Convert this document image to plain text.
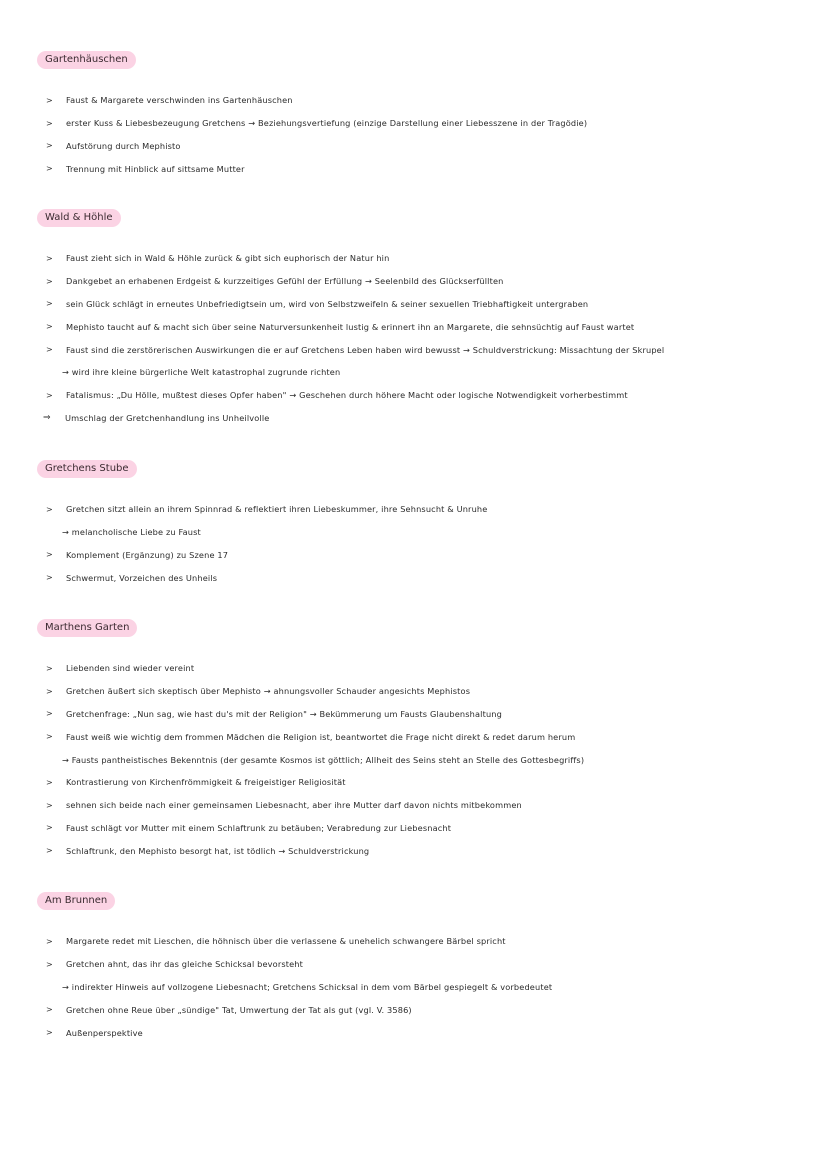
Gartenhäuschen
>	Faust & Margarete verschwinden ins Gartenhäuschen
>	erster Kuss & Liebesbezeugung Gretchens → Beziehungsvertiefung (einzige Darstellung einer Liebesszene in der Tragödie)
>	Aufstörung durch Mephisto
>	Trennung mit Hinblick auf sittsame Mutter
Wald & Höhle
>	Faust zieht sich in Wald & Höhle zurück & gibt sich euphorisch der Natur hin
>	Dankgebet an erhabenen Erdgeist & kurzzeitiges Gefühl der Erfüllung → Seelenbild des Glückserfüllten
>	sein Glück schlägt in erneutes Unbefriedigtsein um, wird von Selbstzweifeln & seiner sexuellen Triebhaftigkeit untergraben
>	Mephisto taucht auf & macht sich über seine Naturversunkenheit lustig & erinnert ihn an Margarete, die sehnsüchtig auf Faust wartet
>	Faust sind die zerstörerischen Auswirkungen die er auf Gretchens Leben haben wird bewusst → Schuldverstrickung: Missachtung der Skrupel
→ wird ihre kleine bürgerliche Welt katastrophal zugrunde richten
>	Fatalismus: „Du Hölle, mußtest dieses Opfer haben" → Geschehen durch höhere Macht oder logische Notwendigkeit vorherbestimmt
⇒	Umschlag der Gretchenhandlung ins Unheilvolle
Gretchens Stube
>	Gretchen sitzt allein an ihrem Spinnrad & reflektiert ihren Liebeskummer, ihre Sehnsucht & Unruhe
→ melancholische Liebe zu Faust
>	Komplement (Ergänzung) zu Szene 17
>	Schwermut, Vorzeichen des Unheils
Marthens Garten
>	Liebenden sind wieder vereint
>	Gretchen äußert sich skeptisch über Mephisto → ahnungsvoller Schauder angesichts Mephistos
>	Gretchenfrage: „Nun sag, wie hast du's mit der Religion" → Bekümmerung um Fausts Glaubenshaltung
>	Faust weiß wie wichtig dem frommen Mädchen die Religion ist, beantwortet die Frage nicht direkt & redet darum herum
→ Fausts pantheistisches Bekenntnis (der gesamte Kosmos ist göttlich; Allheit des Seins steht an Stelle des Gottesbegriffs)
>	Kontrastierung von Kirchenfrömmigkeit & freigeistiger Religiosität
>	sehnen sich beide nach einer gemeinsamen Liebesnacht, aber ihre Mutter darf davon nichts mitbekommen
>	Faust schlägt vor Mutter mit einem Schlaftrunk zu betäuben; Verabredung zur Liebesnacht
>	Schlaftrunk, den Mephisto besorgt hat, ist tödlich → Schuldverstrickung
Am Brunnen
>	Margarete redet mit Lieschen, die höhnisch über die verlassene & unehelich schwangere Bärbel spricht
>	Gretchen ahnt, das ihr das gleiche Schicksal bevorsteht
→ indirekter Hinweis auf vollzogene Liebesnacht; Gretchens Schicksal in dem vom Bärbel gespiegelt & vorbedeutet
>	Gretchen ohne Reue über „sündige" Tat, Umwertung der Tat als gut (vgl. V. 3586)
>	Außenperspektive
